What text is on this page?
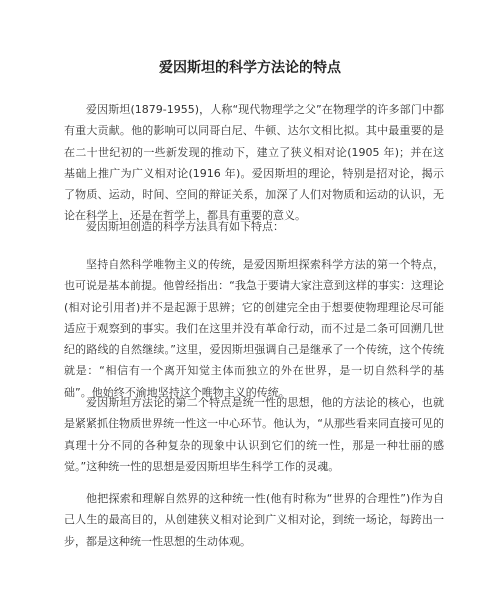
爱因斯坦的科学方法论的特点

爱因斯坦(1879-1955)，人称“现代物理学之父”在物理学的许多部门中都有重大贡献。他的影响可以同哥白尼、牛顿、达尔文相比拟。其中最重要的是在二十世纪初的一些新发现的推动下，建立了狭义相对论(1905 年)；并在这基础上推广为广义相对论(1916 年)。爱因斯坦的理论，特别是招对论，揭示了物质、运动，时间、空间的辩证关系，加深了人们对物质和运动的认识，无论在科学上，还是在哲学上，都具有重要的意义。

爱因斯坦创造的科学方法具有如下特点：

坚持自然科学唯物主义的传统，是爱因斯坦探索科学方法的第一个特点，也可说是基本前提。他曾经指出：“我急于要请大家注意到这样的事实：这理论(相对论引用者)并不是起源于思辨；它的创建完全由于想要使物理理论尽可能适应于观察到的事实。我们在这里并没有革命行动，而不过是二条可回溯几世纪的路线的自然继续。”这里，爱因斯坦强调自己是继承了一个传统，这个传统就是：“相信有一个离开知觉主体而独立的外在世界，是一切自然科学的基础”。他始终不渝地坚持这个唯物主义的传统。

爱因斯坦方法论的第二个特点是统一性的思想，他的方法论的核心，也就是紧紧抓住物质世界统一性这一中心环节。他认为，“从那些看来同直接可见的真理十分不同的各种复杂的现象中认识到它们的统一性，那是一种壮丽的感觉。”这种统一性的思想是爱因斯坦毕生科学工作的灵魂。

他把探索和理解自然界的这种统一性(他有时称为“世界的合理性”)作为自己人生的最高目的，从创建狭义相对论到广义相对论，到统一场论，每跨出一步，都是这种统一性思想的生动体观。
